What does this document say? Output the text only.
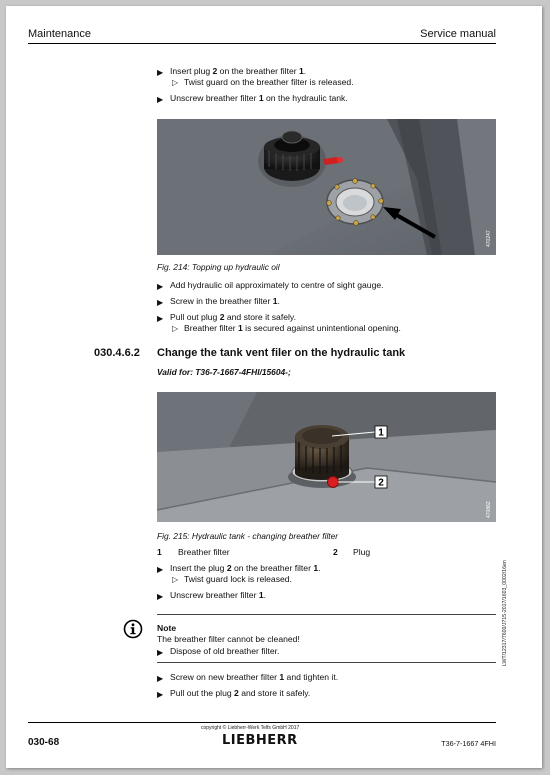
Maintenance	Service manual
▶ Insert plug 2 on the breather filter 1.
▷ Twist guard on the breather filter is released.
▶ Unscrew breather filter 1 on the hydraulic tank.
470247
Fig. 214: Topping up hydraulic oil
▶ Add hydraulic oil approximately to centre of sight gauge.
▶ Screw in the breather filter 1.
▶ Pull out plug 2 and store it safely.
▷ Breather filter 1 is secured against unintentional opening.
030.4.6.2 Change the tank vent filer on the hydraulic tank
Valid for: T36-7-1667-4FHI/15604-;
1
2
470862
Fig. 215: Hydraulic tank - changing breather filter
1 Breather filter	2 Plug
▶ Insert the plug 2 on the breather filter 1.
▷ Twist guard lock is released.
▶ Unscrew breather filter 1.
Note
The breather filter cannot be cleaned!
▶ Dispose of old breather filter.
▶ Screw on new breather filter 1 and tighten it.
▶ Pull out the plug 2 and store it safely.
LWT/12317/7600/J715-2017/1603_0002/16en
030-68
copyright © Liebherr-Werk Telfs GmbH 2017
LIEBHERR	T36-7-1667 4FHI
